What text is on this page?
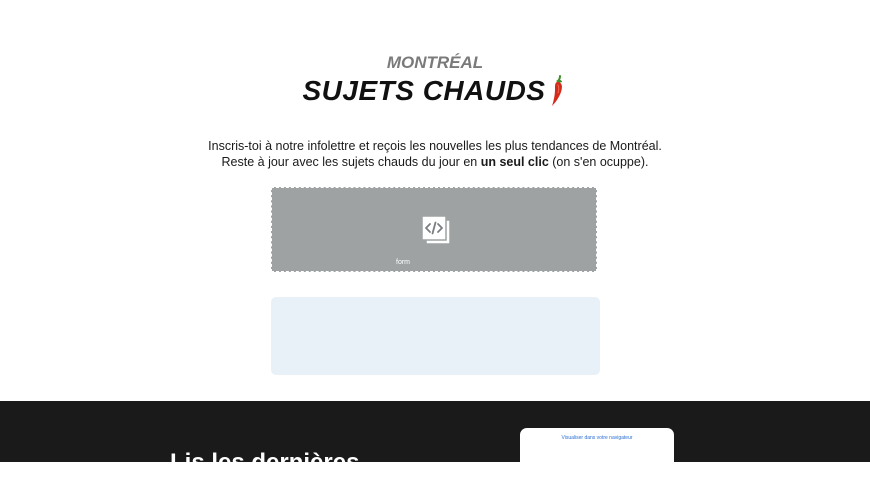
MONTRÉAL
SUJETS CHAUDS
Inscris-toi à notre infolettre et reçois les nouvelles les plus tendances de Montréal.
Reste à jour avec les sujets chauds du jour en un seul clic (on s'en ocuppe).
form
Lis les dernières
Visualiser dans votre navigateur
